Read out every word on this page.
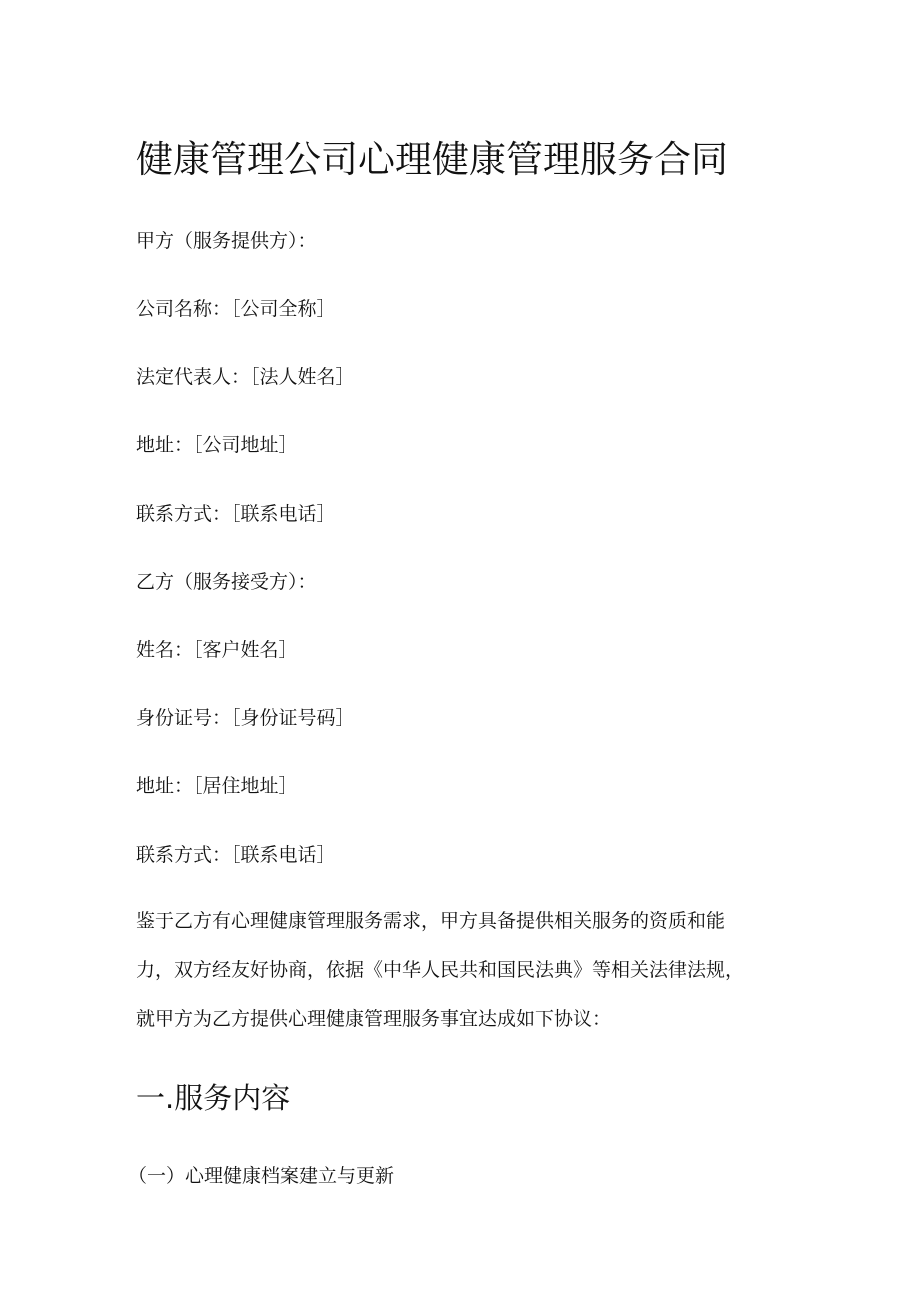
健康管理公司心理健康管理服务合同

甲方（服务提供方）：

公司名称：［公司全称］

法定代表人：［法人姓名］

地址：［公司地址］

联系方式：［联系电话］

乙方（服务接受方）：

姓名：［客户姓名］

身份证号：［身份证号码］

地址：［居住地址］

联系方式：［联系电话］

鉴于乙方有心理健康管理服务需求，甲方具备提供相关服务的资质和能
力，双方经友好协商，依据《中华人民共和国民法典》等相关法律法规，
就甲方为乙方提供心理健康管理服务事宜达成如下协议：
一.服务内容

（一）心理健康档案建立与更新
